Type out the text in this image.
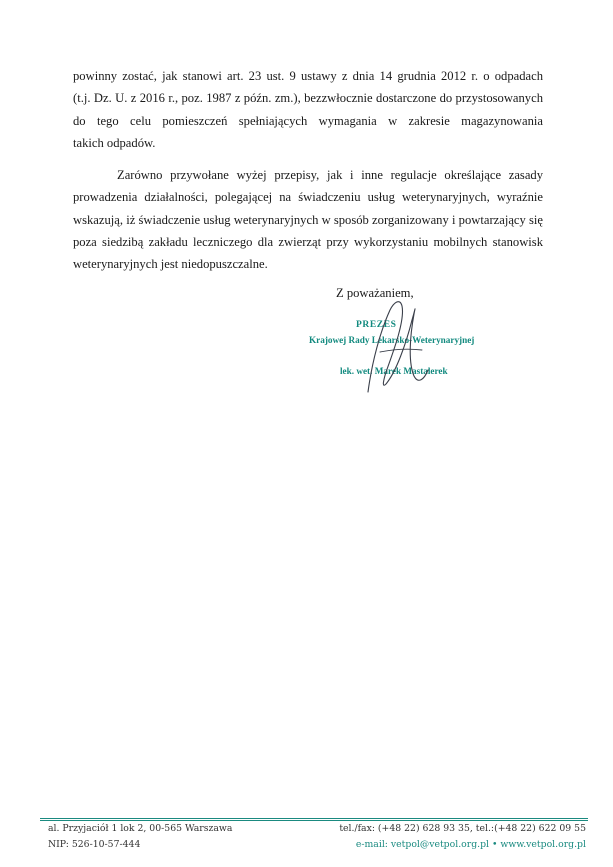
powinny zostać, jak stanowi art. 23 ust. 9 ustawy z dnia 14 grudnia 2012 r. o odpadach
(t.j. Dz. U. z 2016 r., poz. 1987 z późn. zm.), bezzwłocznie dostarczone do przystosowanych
do tego celu pomieszczeń spełniających wymagania w zakresie magazynowania
takich odpadów.
Zarówno przywołane wyżej przepisy, jak i inne regulacje określające zasady
prowadzenia działalności, polegającej na świadczeniu usług weterynaryjnych, wyraźnie
wskazują, iż świadczenie usług weterynaryjnych w sposób zorganizowany i powtarzający się
poza siedzibą zakładu leczniczego dla zwierząt przy wykorzystaniu mobilnych stanowisk
weterynaryjnych jest niedopuszczalne.
Z poważaniem,
PREZES
Krajowej Rady Lekarsko-Weterynaryjnej
lek. wet. Marek Mastalerek
al. Przyjaciół 1 lok 2, 00-565 Warszawa
NIP: 526-10-57-444
tel./fax: (+48 22) 628 93 35, tel.:(+48 22) 622 09 55
e-mail: vetpol@vetpol.org.pl • www.vetpol.org.pl
